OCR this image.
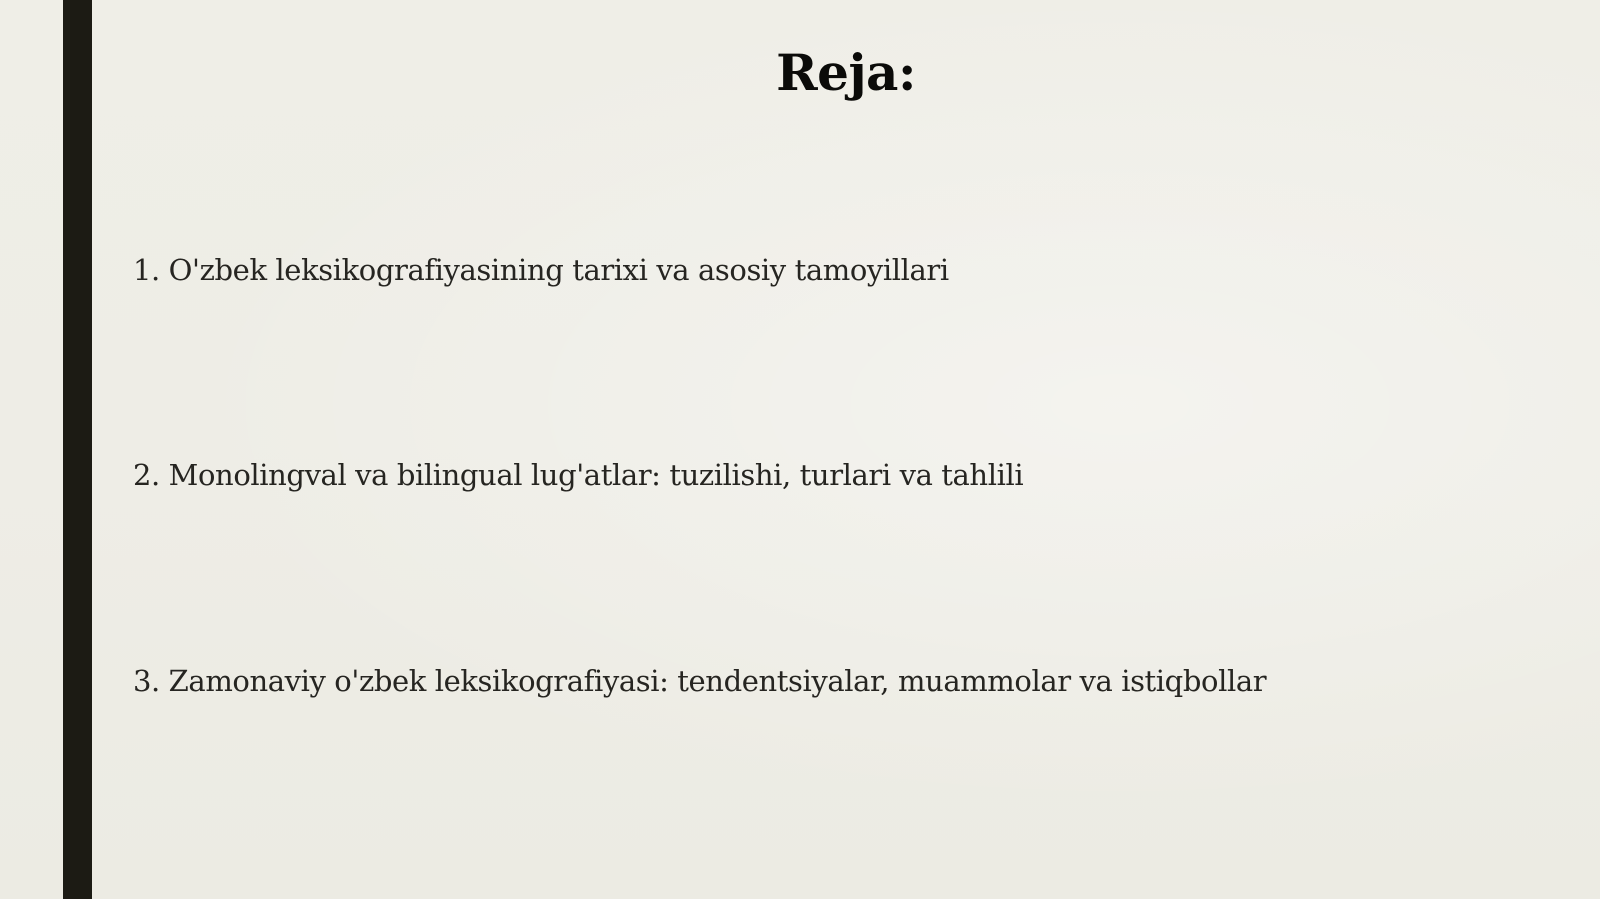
Reja:
1. O'zbek leksikografiyasining tarixi va asosiy tamoyillari
2. Monolingval va bilingual lug'atlar: tuzilishi, turlari va tahlili
3. Zamonaviy o'zbek leksikografiyasi: tendentsiyalar, muammolar va istiqbollar
